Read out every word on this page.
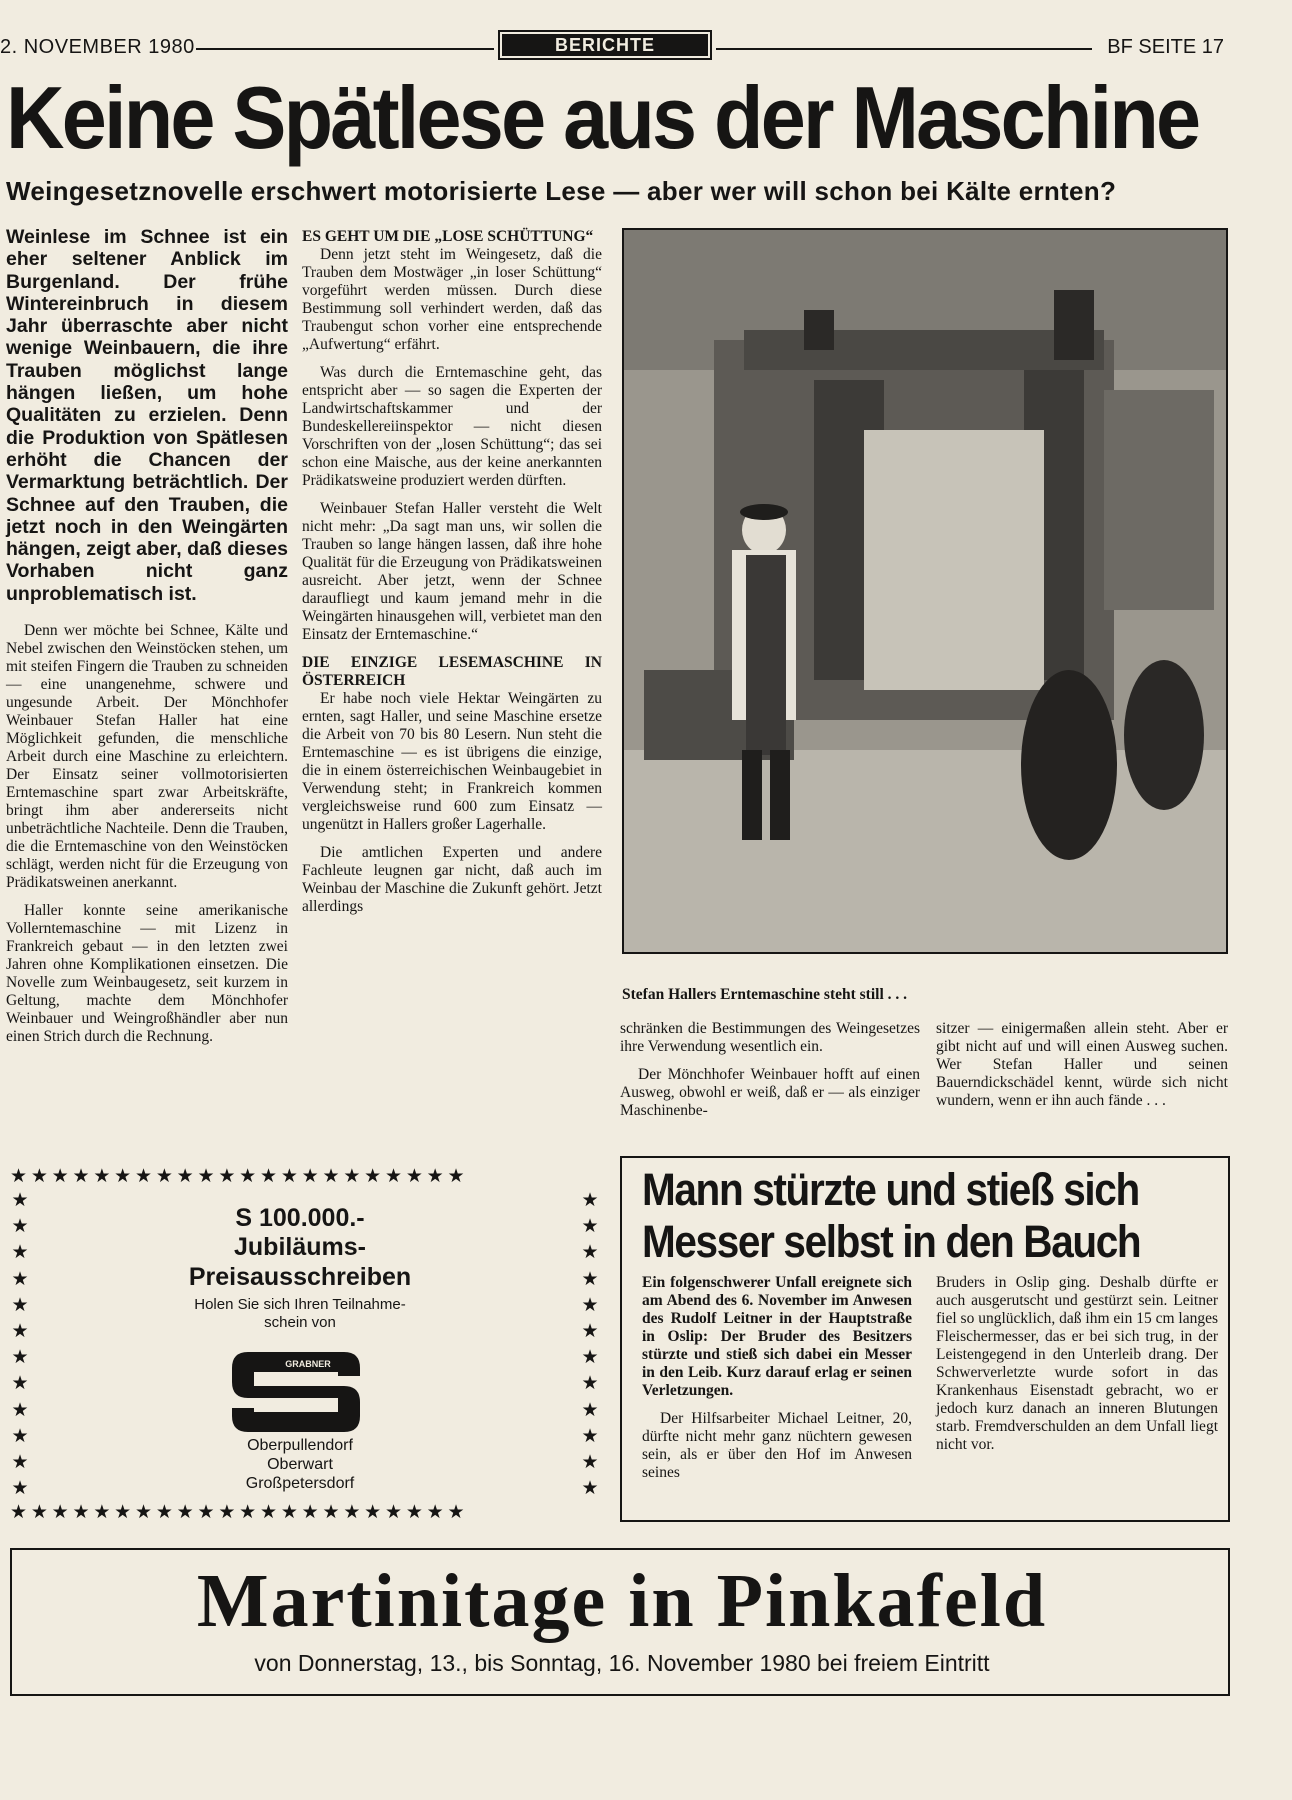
2. NOVEMBER 1980	BERICHTE	BF SEITE 17
Keine Spätlese aus der Maschine
Weingesetznovelle erschwert motorisierte Lese — aber wer will schon bei Kälte ernten?
Weinlese im Schnee ist ein eher seltener Anblick im Burgenland. Der frühe Wintereinbruch in diesem Jahr überraschte aber nicht wenige Weinbauern, die ihre Trauben möglichst lange hängen ließen, um hohe Qualitäten zu erzielen. Denn die Produktion von Spätlesen erhöht die Chancen der Vermarktung beträchtlich. Der Schnee auf den Trauben, die jetzt noch in den Weingärten hängen, zeigt aber, daß dieses Vorhaben nicht ganz unproblematisch ist.

Denn wer möchte bei Schnee, Kälte und Nebel zwischen den Weinstöcken stehen, um mit steifen Fingern die Trauben zu schneiden — eine unangenehme, schwere und ungesunde Arbeit. Der Mönchhofer Weinbauer Stefan Haller hat eine Möglichkeit gefunden, die menschliche Arbeit durch eine Maschine zu erleichtern. Der Einsatz seiner vollmotorisierten Erntemaschine spart zwar Arbeitskräfte, bringt ihm aber andererseits nicht unbeträchtliche Nachteile. Denn die Trauben, die die Erntemaschine von den Weinstöcken schlägt, werden nicht für die Erzeugung von Prädikatsweinen anerkannt.

Haller konnte seine amerikanische Vollerntemaschine — mit Lizenz in Frankreich gebaut — in den letzten zwei Jahren ohne Komplikationen einsetzen. Die Novelle zum Weinbaugesetz, seit kurzem in Geltung, machte dem Mönchhofer Weinbauer und Weingroßhändler aber nun einen Strich durch die Rechnung.

ES GEHT UM DIE „LOSE SCHÜTTUNG“

Denn jetzt steht im Weingesetz, daß die Trauben dem Mostwäger „in loser Schüttung“ vorgeführt werden müssen. Durch diese Bestimmung soll verhindert werden, daß das Traubengut schon vorher eine entsprechende „Aufwertung“ erfährt.

Was durch die Erntemaschine geht, das entspricht aber — so sagen die Experten der Landwirtschaftskammer und der Bundeskellereiinspektor — nicht diesen Vorschriften von der „losen Schüttung“; das sei schon eine Maische, aus der keine anerkannten Prädikatsweine produziert werden dürften.

Weinbauer Stefan Haller versteht die Welt nicht mehr: „Da sagt man uns, wir sollen die Trauben so lange hängen lassen, daß ihre hohe Qualität für die Erzeugung von Prädikatsweinen ausreicht. Aber jetzt, wenn der Schnee daraufliegt und kaum jemand mehr in die Weingärten hinausgehen will, verbietet man den Einsatz der Erntemaschine.“

DIE EINZIGE LESEMASCHINE IN ÖSTERREICH

Er habe noch viele Hektar Weingärten zu ernten, sagt Haller, und seine Maschine ersetze die Arbeit von 70 bis 80 Lesern. Nun steht die Erntemaschine — es ist übrigens die einzige, die in einem österreichischen Weinbaugebiet in Verwendung steht; in Frankreich kommen vergleichsweise rund 600 zum Einsatz — ungenützt in Hallers großer Lagerhalle.

Die amtlichen Experten und andere Fachleute leugnen gar nicht, daß auch im Weinbau der Maschine die Zukunft gehört. Jetzt allerdings

Stefan Hallers Erntemaschine steht still . . .

schränken die Bestimmungen des Weingesetzes ihre Verwendung wesentlich ein.

Der Mönchhofer Weinbauer hofft auf einen Ausweg, obwohl er weiß, daß er — als einziger Maschinenbe-

sitzer — einigermaßen allein steht. Aber er gibt nicht auf und will einen Ausweg suchen. Wer Stefan Haller und seinen Bauerndickschädel kennt, würde sich nicht wundern, wenn er ihn auch fände . . .

★★★★★★★★★★★★★★★★★★★★★★
★★★★★★★★★★★★★★★★★★★★★★
★
★
★
★
★
★
★
★
★
★
★
★
★
★
★
★
★
★
★
★
★
★
★
★
S 100.000.-
Jubiläums-
Preisausschreiben
Holen Sie sich Ihren Teilnahme-
schein von
GRABNER
KAUFHAUS
Oberpullendorf
Oberwart
Großpetersdorf
Mann stürzte und stieß sich
Messer selbst in den Bauch

Ein folgenschwerer Unfall ereignete sich am Abend des 6. November im Anwesen des Rudolf Leitner in der Hauptstraße in Oslip: Der Bruder des Besitzers stürzte und stieß sich dabei ein Messer in den Leib. Kurz darauf erlag er seinen Verletzungen.

Der Hilfsarbeiter Michael Leitner, 20, dürfte nicht mehr ganz nüchtern gewesen sein, als er über den Hof im Anwesen seines

Bruders in Oslip ging. Deshalb dürfte er auch ausgerutscht und gestürzt sein. Leitner fiel so unglücklich, daß ihm ein 15 cm langes Fleischermesser, das er bei sich trug, in der Leistengegend in den Unterleib drang. Der Schwerverletzte wurde sofort in das Krankenhaus Eisenstadt gebracht, wo er jedoch kurz danach an inneren Blutungen starb. Fremdverschulden an dem Unfall liegt nicht vor.

Martinitage in Pinkafeld
von Donnerstag, 13., bis Sonntag, 16. November 1980 bei freiem Eintritt
